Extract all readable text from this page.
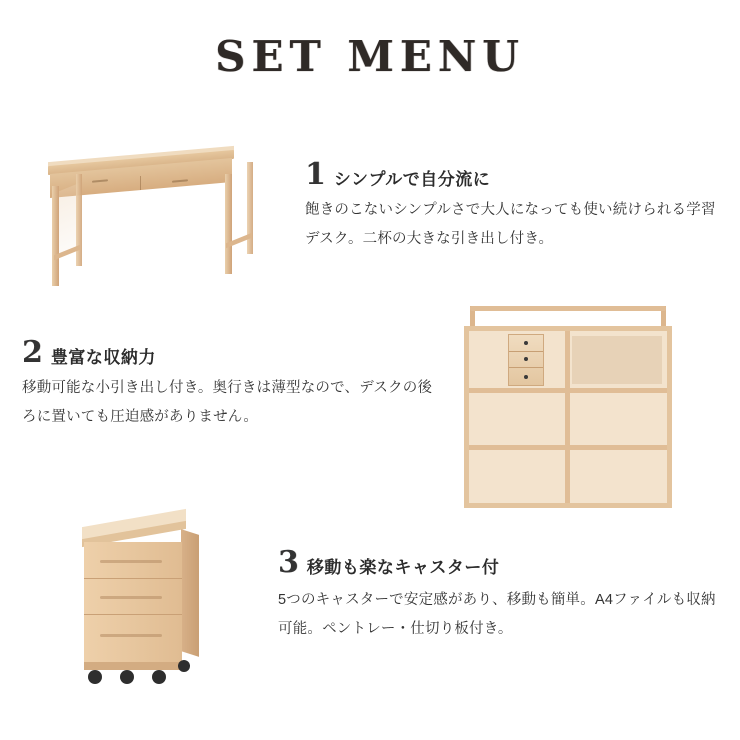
SET MENU
1 シンプルで自分流に
飽きのこないシンプルさで大人になっても使い続けられる学習デスク。二杯の大きな引き出し付き。
2 豊富な収納力
移動可能な小引き出し付き。奥行きは薄型なので、デスクの後ろに置いても圧迫感がありません。
3 移動も楽なキャスター付
5つのキャスターで安定感があり、移動も簡単。A4ファイルも収納可能。ペントレー・仕切り板付き。
